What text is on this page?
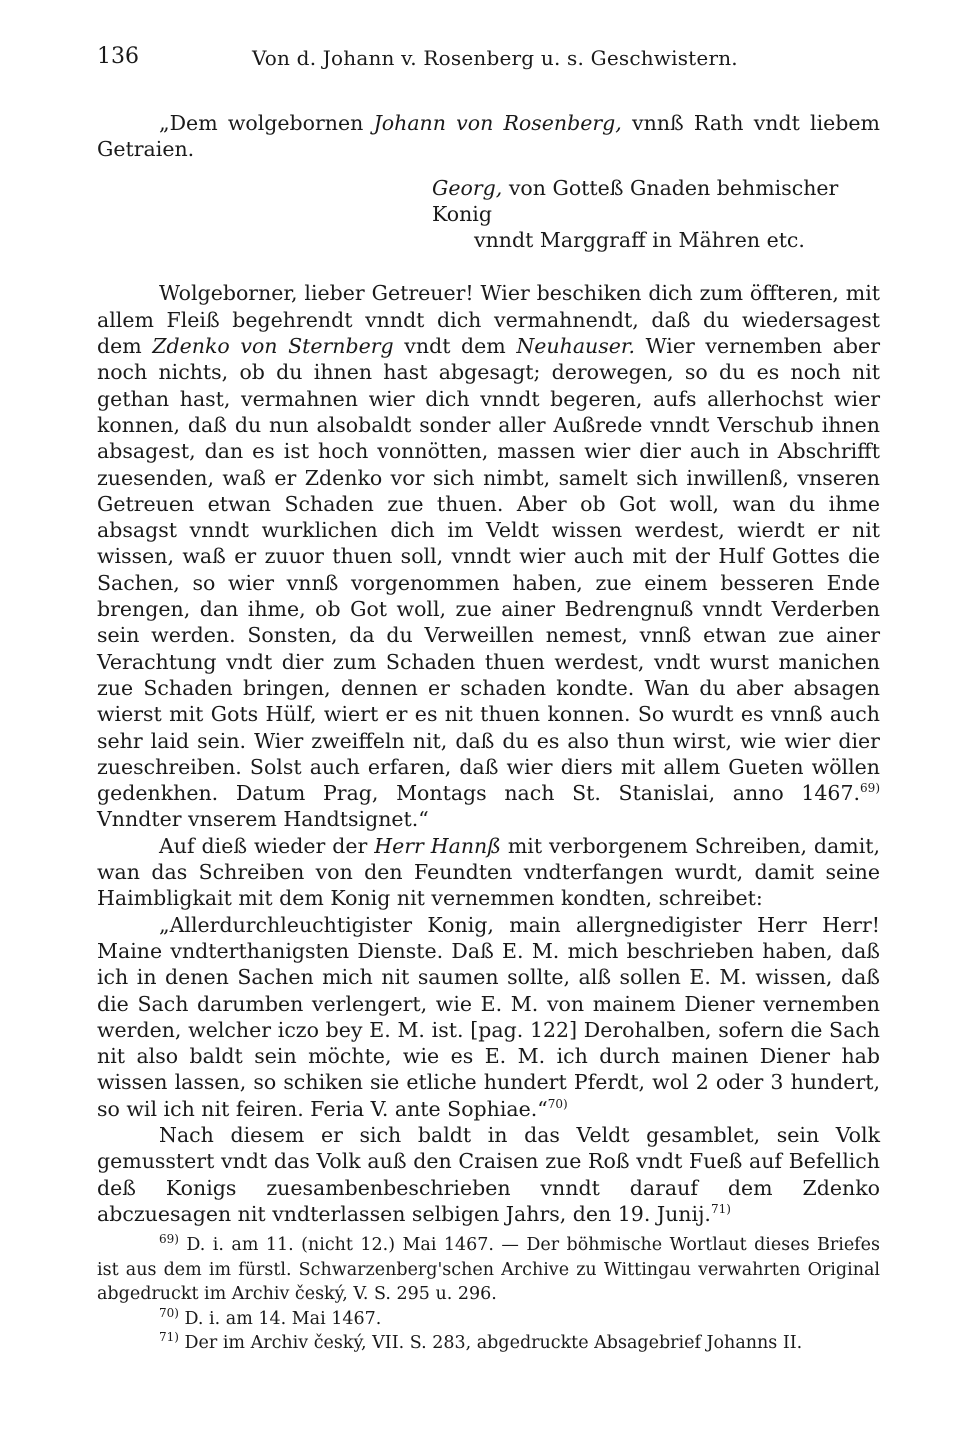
136	Von d. Johann v. Rosenberg u. s. Geschwistern.

„Dem wolgebornen Johann von Rosenberg, vnnß Rath vndt liebem Getraien.

Georg, von Gotteß Gnaden behmischer Konig
vnndt Marggraff in Mähren etc.

Wolgeborner, lieber Getreuer! Wier beschiken dich zum öffteren, mit allem Fleiß begehrendt vnndt dich vermahnendt, daß du wiedersagest dem Zdenko von Sternberg vndt dem Neuhauser. Wier vernemben aber noch nichts, ob du ihnen hast abgesagt; derowegen, so du es noch nit gethan hast, vermahnen wier dich vnndt begeren, aufs allerhochst wier konnen, daß du nun alsobaldt sonder aller Außrede vnndt Verschub ihnen absagest, dan es ist hoch vonnötten, massen wier dier auch in Abschrifft zuesenden, waß er Zdenko vor sich nimbt, samelt sich inwillenß, vnseren Getreuen etwan Schaden zue thuen. Aber ob Got woll, wan du ihme absagst vnndt wurklichen dich im Veldt wissen werdest, wierdt er nit wissen, waß er zuuor thuen soll, vnndt wier auch mit der Hulf Gottes die Sachen, so wier vnnß vorgenommen haben, zue einem besseren Ende brengen, dan ihme, ob Got woll, zue ainer Bedrengnuß vnndt Verderben sein werden. Sonsten, da du Verweillen nemest, vnnß etwan zue ainer Verachtung vndt dier zum Schaden thuen werdest, vndt wurst manichen zue Schaden bringen, dennen er schaden kondte. Wan du aber absagen wierst mit Gots Hülf, wiert er es nit thuen konnen. So wurdt es vnnß auch sehr laid sein. Wier zweiffeln nit, daß du es also thun wirst, wie wier dier zueschreiben. Solst auch erfaren, daß wier diers mit allem Gueten wöllen gedenkhen. Datum Prag, Montags nach St. Stanislai, anno 1467.$^{69)}$ Vnndter vnserem Handtsignet.“

Auf dieß wieder der Herr Hannß mit verborgenem Schreiben, damit, wan das Schreiben von den Feundten vndterfangen wurdt, damit seine Haimbligkait mit dem Konig nit vernemmen kondten, schreibet:

„Allerdurchleuchtigister Konig, main allergnedigister Herr Herr! Maine vndterthanigsten Dienste. Daß E. M. mich beschrieben haben, daß ich in denen Sachen mich nit saumen sollte, alß sollen E. M. wissen, daß die Sach darumben verlengert, wie E. M. von mainem Diener vernemben werden, welcher iczo bey E. M. ist. [pag. 122] Derohalben, sofern die Sach nit also baldt sein möchte, wie es E. M. ich durch mainen Diener hab wissen lassen, so schiken sie etliche hundert Pferdt, wol 2 oder 3 hundert, so wil ich nit feiren. Feria V. ante Sophiae.“$^{70)}$

Nach diesem er sich baldt in das Veldt gesamblet, sein Volk gemusstert vndt das Volk auß den Craisen zue Roß vndt Fueß auf Befellich deß Konigs zuesambenbeschrieben vnndt darauf dem Zdenko abczuesagen nit vndterlassen selbigen Jahrs, den 19. Junij.$^{71)}$

$^{69)}$ D. i. am 11. (nicht 12.) Mai 1467. — Der böhmische Wortlaut dieses Briefes ist aus dem im fürstl. Schwarzenberg'schen Archive zu Wittingau verwahrten Original abgedruckt im Archiv český, V. S. 295 u. 296.

$^{70)}$ D. i. am 14. Mai 1467.

$^{71)}$ Der im Archiv český, VII. S. 283, abgedruckte Absagebrief Johanns II.
